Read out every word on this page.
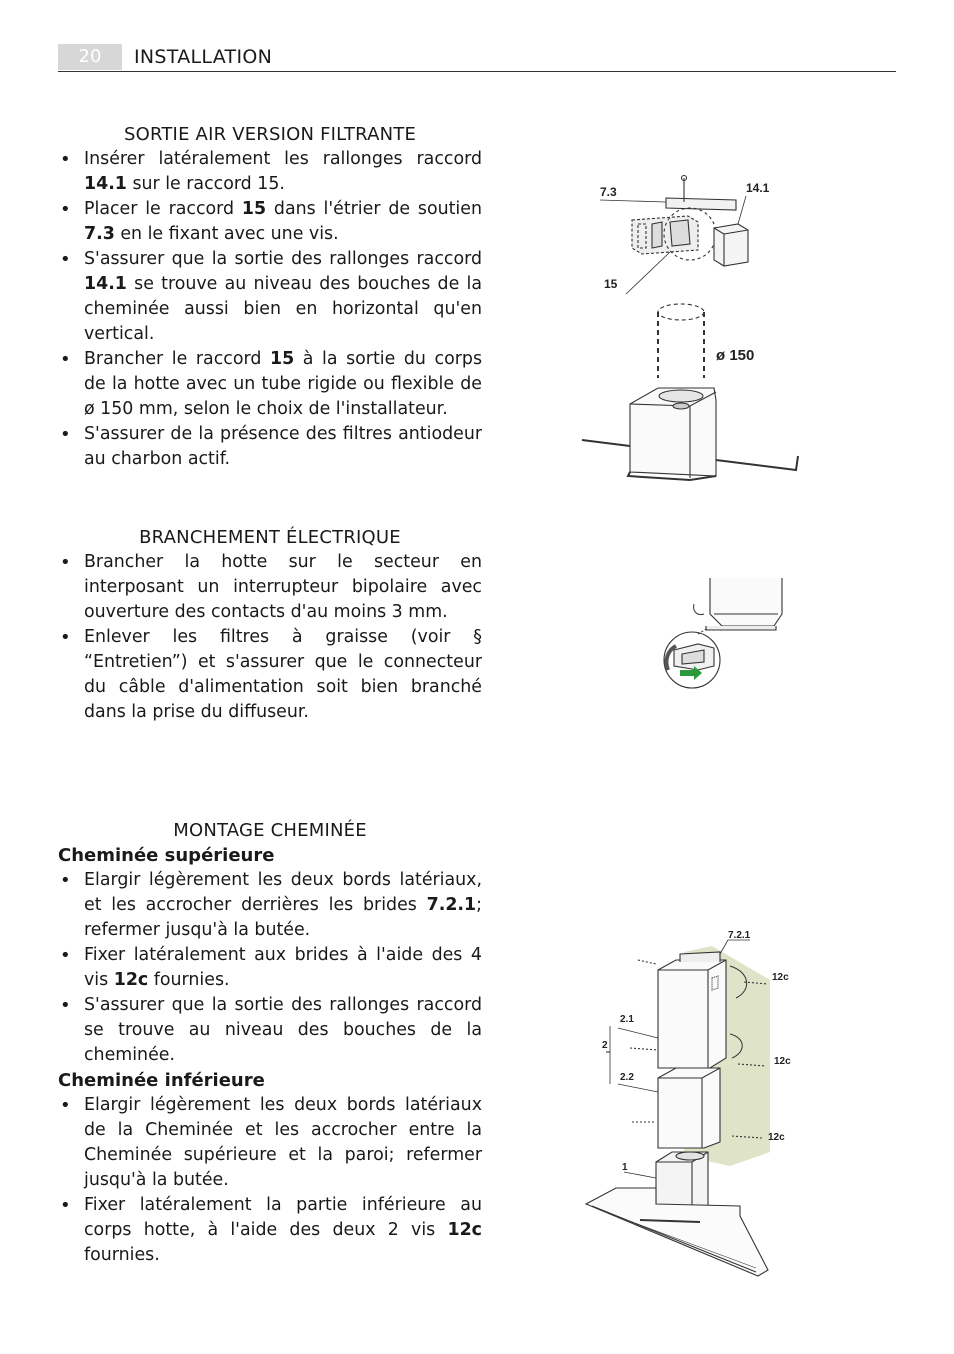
20	INSTALLATION
SORTIE AIR VERSION FILTRANTE
• Insérer latéralement les rallonges raccord 14.1 sur le raccord 15.
• Placer le raccord 15 dans l'étrier de soutien 7.3 en le fixant avec une vis.
• S'assurer que la sortie des rallonges raccord 14.1 se trouve au niveau des bouches de la cheminée aussi bien en horizontal qu'en vertical.
• Brancher le raccord 15 à la sortie du corps de la hotte avec un tube rigide ou flexible de ø 150 mm, selon le choix de l'installateur.
• S'assurer de la présence des filtres antiodeur au charbon actif.
BRANCHEMENT ÉLECTRIQUE
• Brancher la hotte sur le secteur en interposant un interrupteur bipolaire avec ouverture des contacts d'au moins 3 mm.
• Enlever les filtres à graisse (voir § “Entretien”) et s'assurer que le connecteur du câble d'alimentation soit bien branché dans la prise du diffuseur.
MONTAGE CHEMINÉE
Cheminée supérieure
• Elargir légèrement les deux bords latériaux, et les accrocher derrières les brides 7.2.1; refermer jusqu'à la butée.
• Fixer latéralement aux brides à l'aide des 4 vis 12c fournies.
• S'assurer que la sortie des rallonges raccord se trouve au niveau des bouches de la cheminée.
Cheminée inférieure
• Elargir légèrement les deux bords latériaux de la Cheminée et les accrocher entre la Cheminée supérieure et la paroi; refermer jusqu'à la butée.
• Fixer latéralement la partie inférieure au corps hotte, à l'aide des deux 2 vis 12c fournies.
7.3	14.1
15
ø 150
7.2.1
12c
2.1
2
12c
2.2
12c
1
